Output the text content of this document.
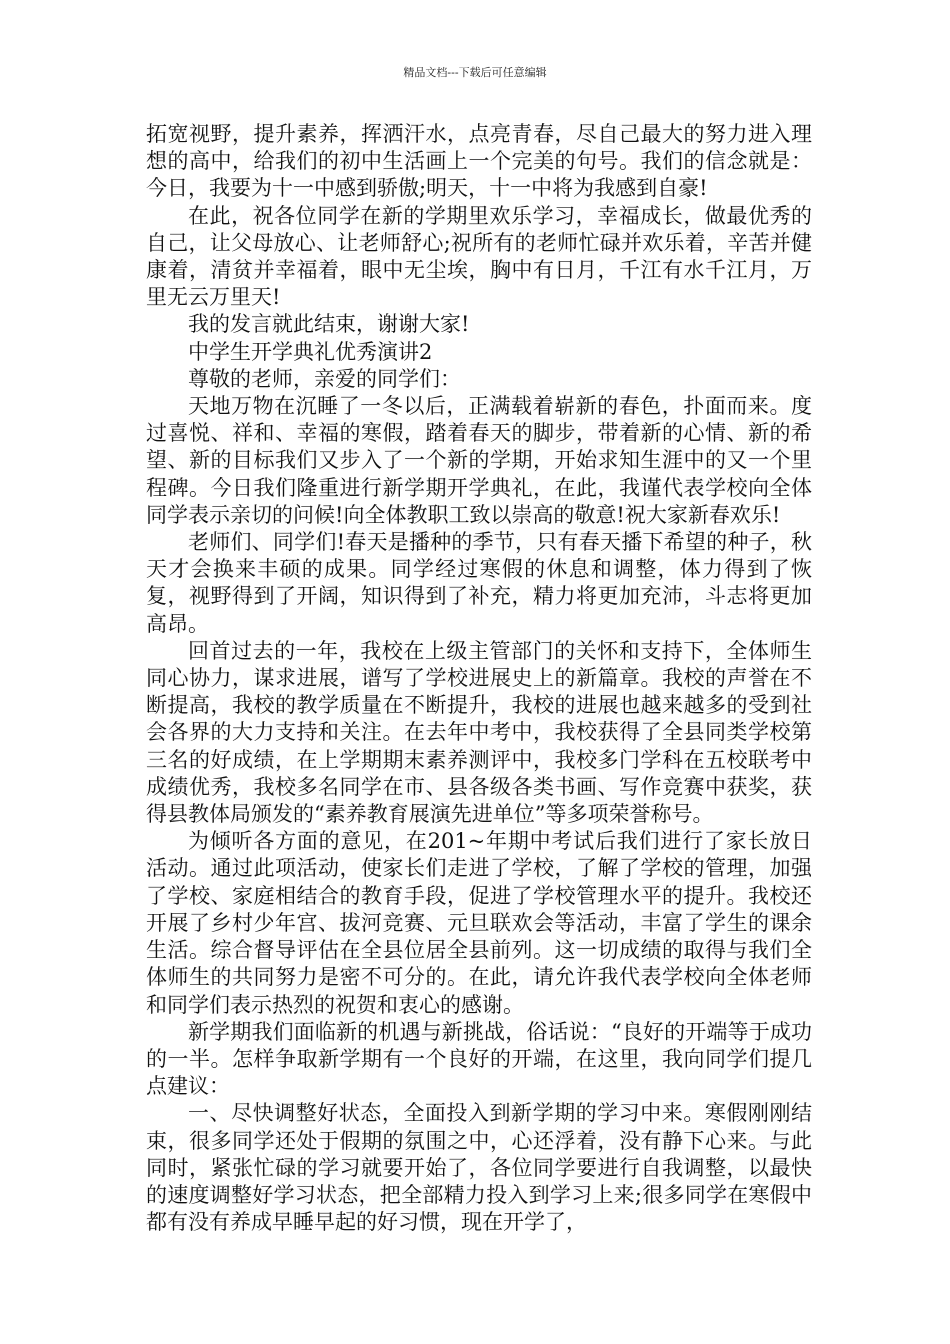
精品文档---下载后可任意编辑

拓宽视野，提升素养，挥洒汗水，点亮青春，尽自己最大的努力进入理想的高中，给我们的初中生活画上一个完美的句号。我们的信念就是：今日，我要为十一中感到骄傲;明天，十一中将为我感到自豪!

在此，祝各位同学在新的学期里欢乐学习，幸福成长，做最优秀的自己，让父母放心、让老师舒心;祝所有的老师忙碌并欢乐着，辛苦并健康着，清贫并幸福着，眼中无尘埃，胸中有日月，千江有水千江月，万里无云万里天!

我的发言就此结束，谢谢大家!

中学生开学典礼优秀演讲2

尊敬的老师，亲爱的同学们：

天地万物在沉睡了一冬以后，正满载着崭新的春色，扑面而来。度过喜悦、祥和、幸福的寒假，踏着春天的脚步，带着新的心情、新的希望、新的目标我们又步入了一个新的学期，开始求知生涯中的又一个里程碑。今日我们隆重进行新学期开学典礼，在此，我谨代表学校向全体同学表示亲切的问候!向全体教职工致以崇高的敬意!祝大家新春欢乐!

老师们、同学们!春天是播种的季节，只有春天播下希望的种子，秋天才会换来丰硕的成果。同学经过寒假的休息和调整，体力得到了恢复，视野得到了开阔，知识得到了补充，精力将更加充沛，斗志将更加高昂。

回首过去的一年，我校在上级主管部门的关怀和支持下，全体师生同心协力，谋求进展，谱写了学校进展史上的新篇章。我校的声誉在不断提高，我校的教学质量在不断提升，我校的进展也越来越多的受到社会各界的大力支持和关注。在去年中考中，我校获得了全县同类学校第三名的好成绩，在上学期期末素养测评中，我校多门学科在五校联考中成绩优秀，我校多名同学在市、县各级各类书画、写作竞赛中获奖，获得县教体局颁发的“素养教育展演先进单位”等多项荣誉称号。

为倾听各方面的意见，在201~年期中考试后我们进行了家长放日活动。通过此项活动，使家长们走进了学校，了解了学校的管理，加强了学校、家庭相结合的教育手段，促进了学校管理水平的提升。我校还开展了乡村少年宫、拔河竞赛、元旦联欢会等活动，丰富了学生的课余生活。综合督导评估在全县位居全县前列。这一切成绩的取得与我们全体师生的共同努力是密不可分的。在此，请允许我代表学校向全体老师和同学们表示热烈的祝贺和衷心的感谢。

新学期我们面临新的机遇与新挑战，俗话说：“良好的开端等于成功的一半。怎样争取新学期有一个良好的开端，在这里，我向同学们提几点建议：

一、尽快调整好状态，全面投入到新学期的学习中来。寒假刚刚结束，很多同学还处于假期的氛围之中，心还浮着，没有静下心来。与此同时，紧张忙碌的学习就要开始了，各位同学要进行自我调整，以最快的速度调整好学习状态，把全部精力投入到学习上来;很多同学在寒假中都有没有养成早睡早起的好习惯，现在开学了，
